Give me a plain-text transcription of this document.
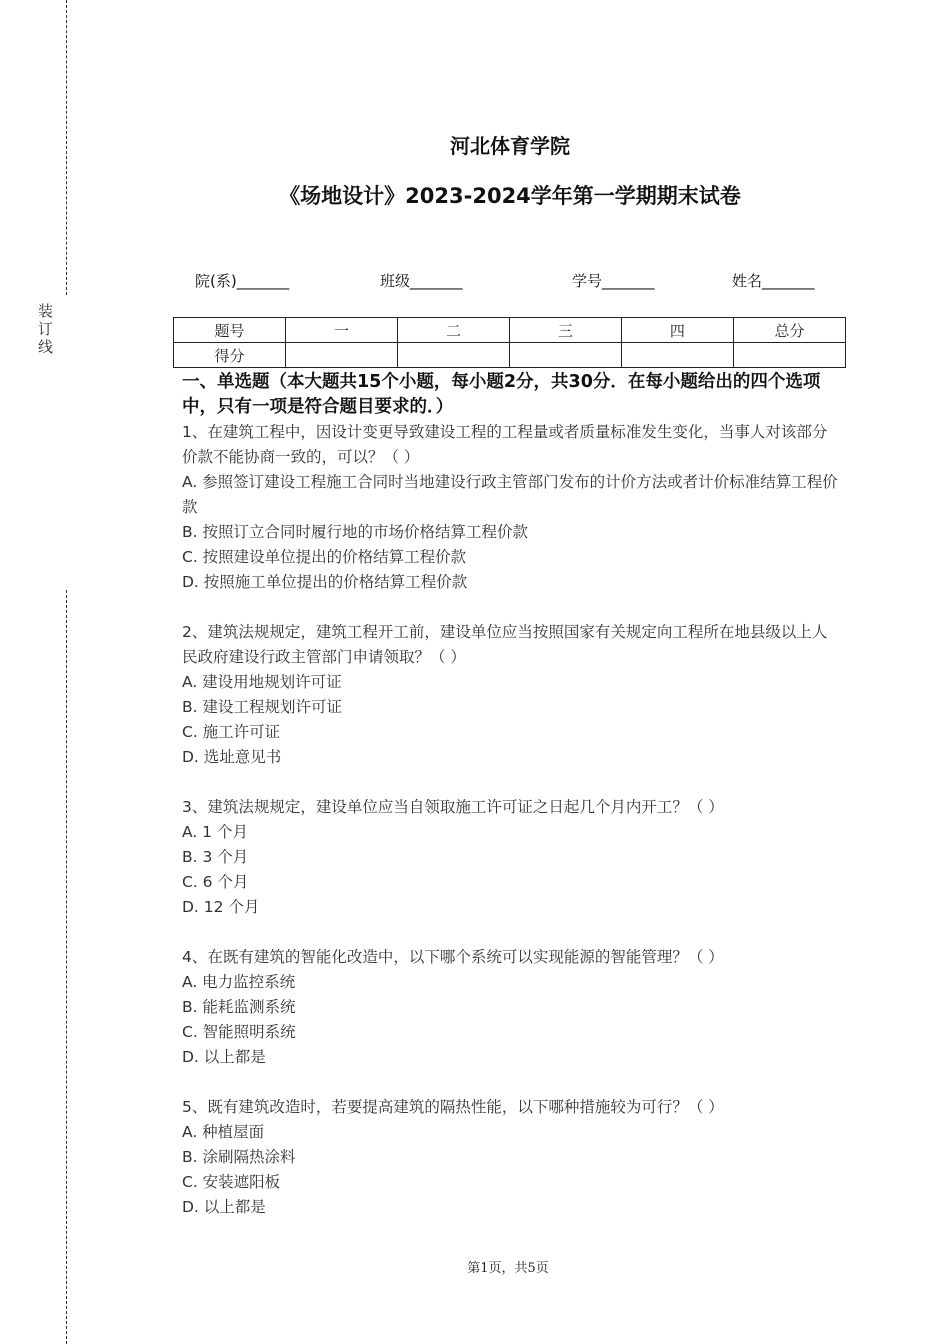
装订线
河北体育学院
《场地设计》2023-2024学年第一学期期末试卷
院(系)_______	班级_______	学号_______	姓名_______
题号	一	二	三	四	总分
得分					
一、单选题（本大题共15个小题，每小题2分，共30分．在每小题给出的四个选项中，只有一项是符合题目要求的．）
1、在建筑工程中，因设计变更导致建设工程的工程量或者质量标准发生变化，当事人对该部分价款不能协商一致的，可以？（ ）
A. 参照签订建设工程施工合同时当地建设行政主管部门发布的计价方法或者计价标准结算工程价款
B. 按照订立合同时履行地的市场价格结算工程价款
C. 按照建设单位提出的价格结算工程价款
D. 按照施工单位提出的价格结算工程价款
2、建筑法规规定，建筑工程开工前，建设单位应当按照国家有关规定向工程所在地县级以上人民政府建设行政主管部门申请领取？（ ）
A. 建设用地规划许可证
B. 建设工程规划许可证
C. 施工许可证
D. 选址意见书
3、建筑法规规定，建设单位应当自领取施工许可证之日起几个月内开工？（ ）
A. 1 个月
B. 3 个月
C. 6 个月
D. 12 个月
4、在既有建筑的智能化改造中，以下哪个系统可以实现能源的智能管理？（ ）
A. 电力监控系统
B. 能耗监测系统
C. 智能照明系统
D. 以上都是
5、既有建筑改造时，若要提高建筑的隔热性能，以下哪种措施较为可行？（ ）
A. 种植屋面
B. 涂刷隔热涂料
C. 安装遮阳板
D. 以上都是
第1页，共5页
